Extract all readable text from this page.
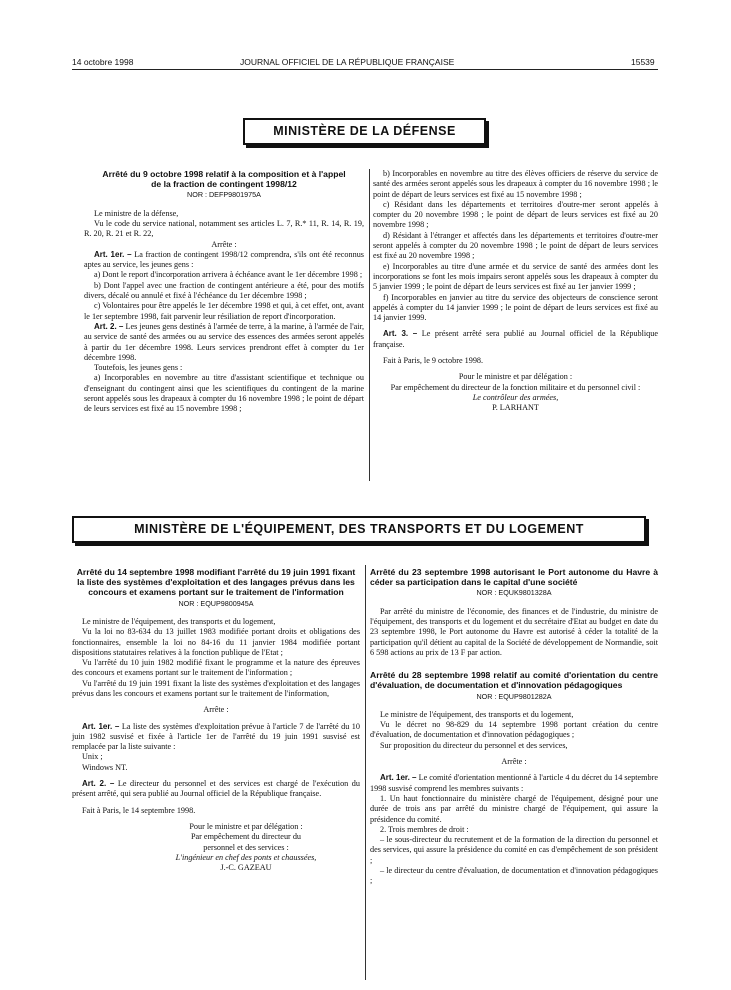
14 octobre 1998	JOURNAL OFFICIEL DE LA RÉPUBLIQUE FRANÇAISE	15539
MINISTÈRE DE LA DÉFENSE
Arrêté du 9 octobre 1998 relatif à la composition et à l'appel de la fraction de contingent 1998/12

NOR : DEFP9801975A

Le ministre de la défense,

Vu le code du service national, notamment ses articles L. 7, R.* 11, R. 14, R. 19, R. 20, R. 21 et R. 22,

Arrête :

Art. 1er. – La fraction de contingent 1998/12 comprendra, s'ils ont été reconnus aptes au service, les jeunes gens :

a) Dont le report d'incorporation arrivera à échéance avant le 1er décembre 1998 ;

b) Dont l'appel avec une fraction de contingent antérieure a été, pour des motifs divers, décalé ou annulé et fixé à l'échéance du 1er décembre 1998 ;

c) Volontaires pour être appelés le 1er décembre 1998 et qui, à cet effet, ont, avant le 1er septembre 1998, fait parvenir leur résiliation de report d'incorporation.

Art. 2. – Les jeunes gens destinés à l'armée de terre, à la marine, à l'armée de l'air, au service de santé des armées ou au service des essences des armées seront appelés à partir du 1er décembre 1998. Leurs services prendront effet à compter du 1er décembre 1998.

Toutefois, les jeunes gens :

a) Incorporables en novembre au titre d'assistant scientifique et technique ou d'enseignant du contingent ainsi que les scientifiques du contingent de la marine seront appelés sous les drapeaux à compter du 16 novembre 1998 ; le point de départ de leurs services est fixé au 15 novembre 1998 ;

b) Incorporables en novembre au titre des élèves officiers de réserve du service de santé des armées seront appelés sous les drapeaux à compter du 16 novembre 1998 ; le point de départ de leurs services est fixé au 15 novembre 1998 ;

c) Résidant dans les départements et territoires d'outre-mer seront appelés à compter du 20 novembre 1998 ; le point de départ de leurs services est fixé au 20 novembre 1998 ;

d) Résidant à l'étranger et affectés dans les départements et territoires d'outre-mer seront appelés à compter du 20 novembre 1998 ; le point de départ de leurs services est fixé au 20 novembre 1998 ;

e) Incorporables au titre d'une armée et du service de santé des armées dont les incorporations se font les mois impairs seront appelés sous les drapeaux à compter du 5 janvier 1999 ; le point de départ de leurs services est fixé au 1er janvier 1999 ;

f) Incorporables en janvier au titre du service des objecteurs de conscience seront appelés à compter du 14 janvier 1999 ; le point de départ de leurs services est fixé au 14 janvier 1999.

Art. 3. – Le présent arrêté sera publié au Journal officiel de la République française.

Fait à Paris, le 9 octobre 1998.

Pour le ministre et par délégation :

Par empêchement du directeur de la fonction militaire et du personnel civil :

Le contrôleur des armées,

P. LARHANT

MINISTÈRE DE L'ÉQUIPEMENT, DES TRANSPORTS ET DU LOGEMENT
Arrêté du 14 septembre 1998 modifiant l'arrêté du 19 juin 1991 fixant la liste des systèmes d'exploitation et des langages prévus dans les concours et examens portant sur le traitement de l'information

NOR : EQUP9800945A

Le ministre de l'équipement, des transports et du logement,

Vu la loi no 83-634 du 13 juillet 1983 modifiée portant droits et obligations des fonctionnaires, ensemble la loi no 84-16 du 11 janvier 1984 modifiée portant dispositions statutaires relatives à la fonction publique de l'Etat ;

Vu l'arrêté du 10 juin 1982 modifié fixant le programme et la nature des épreuves des concours et examens portant sur le traitement de l'information ;

Vu l'arrêté du 19 juin 1991 fixant la liste des systèmes d'exploitation et des langages prévus dans les concours et examens portant sur le traitement de l'information,

Arrête :

Art. 1er. – La liste des systèmes d'exploitation prévue à l'article 7 de l'arrêté du 10 juin 1982 susvisé et fixée à l'article 1er de l'arrêté du 19 juin 1991 susvisé est remplacée par la liste suivante :

Unix ;

Windows NT.

Art. 2. – Le directeur du personnel et des services est chargé de l'exécution du présent arrêté, qui sera publié au Journal officiel de la République française.

Fait à Paris, le 14 septembre 1998.

Pour le ministre et par délégation :

Par empêchement du directeur du personnel et des services :

L'ingénieur en chef des ponts et chaussées,

J.-C. GAZEAU

Arrêté du 23 septembre 1998 autorisant le Port autonome du Havre à céder sa participation dans le capital d'une société

NOR : EQUK9801328A

Par arrêté du ministre de l'économie, des finances et de l'industrie, du ministre de l'équipement, des transports et du logement et du secrétaire d'Etat au budget en date du 23 septembre 1998, le Port autonome du Havre est autorisé à céder la totalité de la participation qu'il détient au capital de la Société de développement de Normandie, soit 6 598 actions au prix de 13 F par action.

Arrêté du 28 septembre 1998 relatif au comité d'orientation du centre d'évaluation, de documentation et d'innovation pédagogiques

NOR : EQUP9801282A

Le ministre de l'équipement, des transports et du logement,

Vu le décret no 98-829 du 14 septembre 1998 portant création du centre d'évaluation, de documentation et d'innovation pédagogiques ;

Sur proposition du directeur du personnel et des services,

Arrête :

Art. 1er. – Le comité d'orientation mentionné à l'article 4 du décret du 14 septembre 1998 susvisé comprend les membres suivants :

1. Un haut fonctionnaire du ministère chargé de l'équipement, désigné pour une durée de trois ans par arrêté du ministre chargé de l'équipement, qui assure la présidence du comité.

2. Trois membres de droit :

– le sous-directeur du recrutement et de la formation de la direction du personnel et des services, qui assure la présidence du comité en cas d'empêchement de son président ;

– le directeur du centre d'évaluation, de documentation et d'innovation pédagogiques ;
